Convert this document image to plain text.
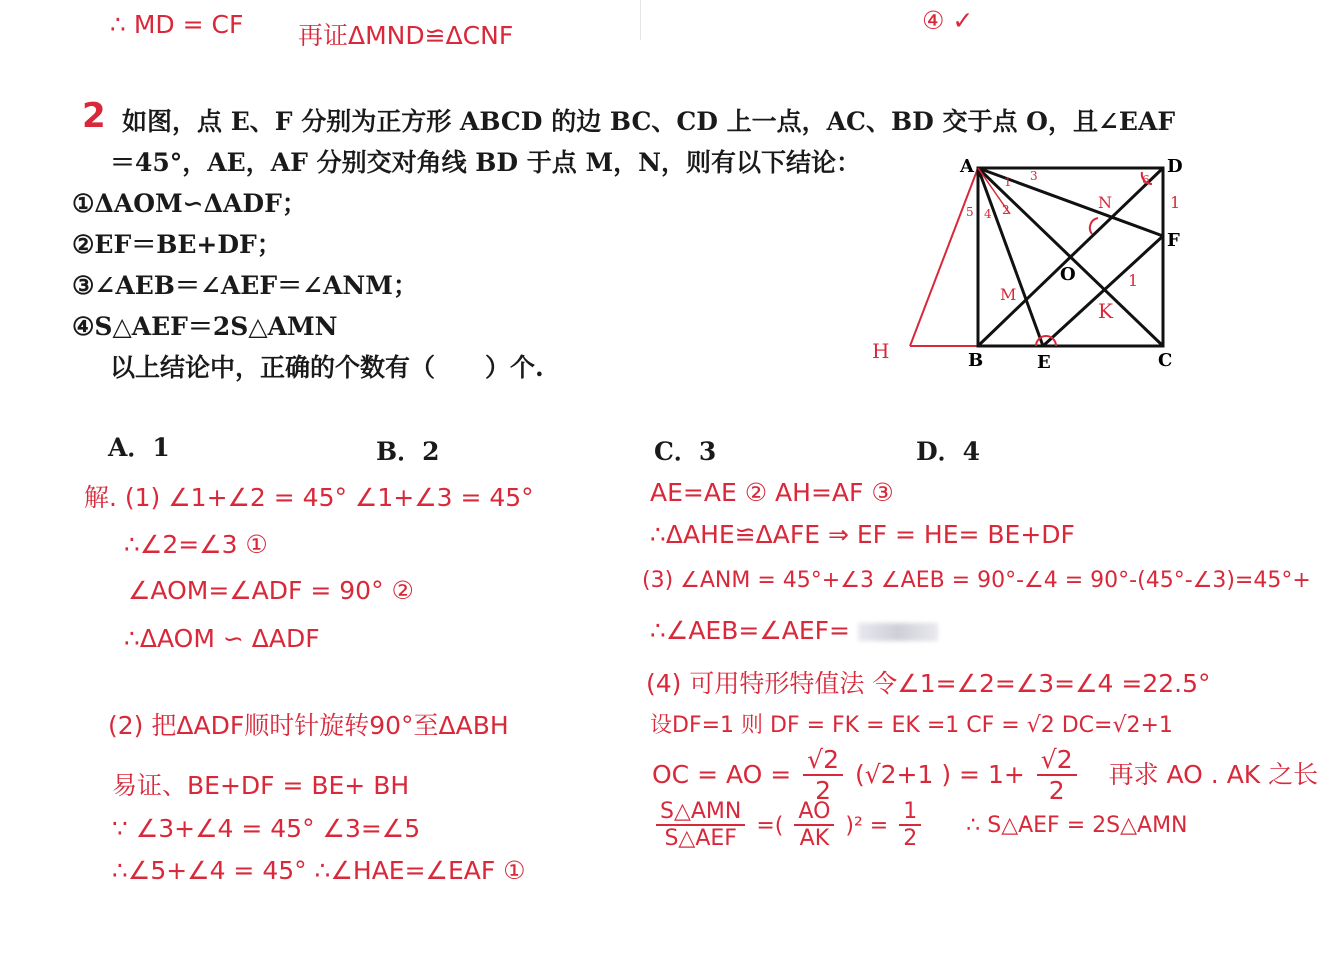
∴ MD = CF 再证ΔMND≌ΔCNF
④ ✓
2 如图，点 E、F 分别为正方形 ABCD 的边 BC、CD 上一点，AC、BD 交于点 O，且∠EAF
＝45°，AE，AF 分别交对角线 BD 于点 M，N，则有以下结论：
①ΔAOM∽ΔADF；
②EF＝BE+DF；
③∠AEB＝∠AEF＝∠ANM；
④S△AEF＝2S△AMN
以上结论中，正确的个数有（　　）个.
A．1	B．2	C．3	D．4
A	D
F
B	E	C
O
H
M
N
K
1
2
3
4
5
6
1
1
解. (1) ∠1+∠2 = 45° ∠1+∠3 = 45°
∴∠2=∠3 ①
∠AOM=∠ADF = 90° ②
∴ΔAOM ∽ ΔADF
(2) 把ΔADF顺时针旋转90°至ΔABH
易证、BE+DF = BE+ BH
∵ ∠3+∠4 = 45° ∠3=∠5
∴∠5+∠4 = 45° ∴∠HAE=∠EAF ①
AE=AE ② AH=AF ③
∴ΔAHE≌ΔAFE ⇒ EF = HE= BE+DF
(3) ∠ANM = 45°+∠3 ∠AEB = 90°-∠4 = 90°-(45°-∠3)=45°+
∴∠AEB=∠AEF=
(4) 可用特形特值法 令∠1=∠2=∠3=∠4 =22.5°
设DF=1 则 DF = FK = EK =1 CF = √2 DC=√2+1
OC = AO = $\frac{√2}{2} (√2+1$ ) = $1+ \frac{√2}{2}$ 再求 AO . AK 之长
$\frac{\text{S△AMN}}{\text{S△AEF}}$ =( $\frac{AO}{AK} )^2 = \frac{1}{2}$ ∴ S△AEF = 2S△AMN
